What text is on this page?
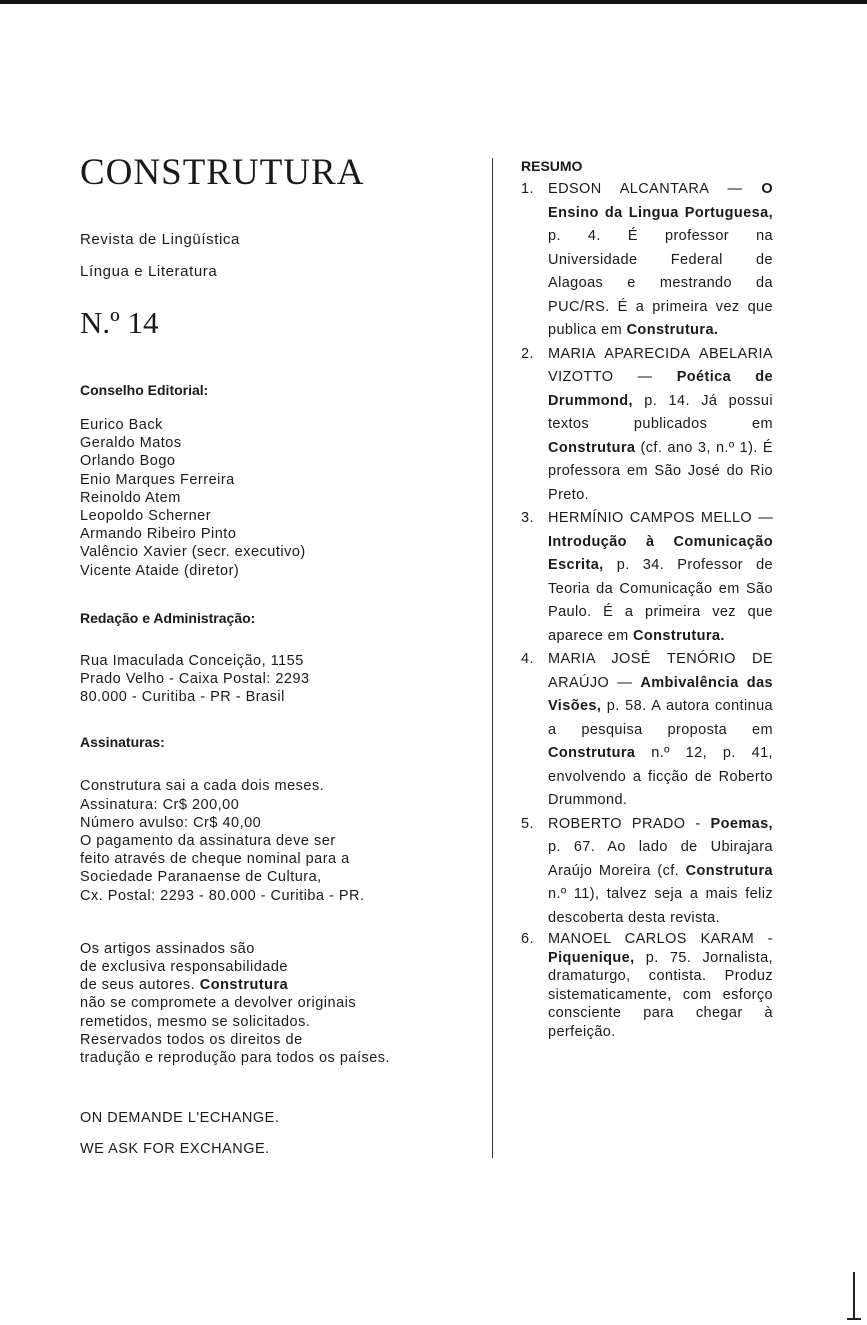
CONSTRUTURA

Revista de Lingüística

Língua e Literatura

N.º 14

Conselho Editorial:

Eurico Back
Geraldo Matos
Orlando Bogo
Enio Marques Ferreira
Reinoldo Atem
Leopoldo Scherner
Armando Ribeiro Pinto
Valêncio Xavier (secr. executivo)
Vicente Ataide (diretor)

Redação e Administração:

Rua Imaculada Conceição, 1155
Prado Velho - Caixa Postal: 2293
80.000 - Curitiba - PR - Brasil

Assinaturas:

Construtura sai a cada dois meses.
Assinatura: Cr$ 200,00
Número avulso: Cr$ 40,00
O pagamento da assinatura deve ser
feito através de cheque nominal para a
Sociedade Paranaense de Cultura,
Cx. Postal: 2293 - 80.000 - Curitiba - PR.
Os artigos assinados são
de exclusiva responsabilidade
de seus autores. Construtura
não se compromete a devolver originais
remetidos, mesmo se solicitados.
Reservados todos os direitos de
tradução e reprodução para todos os países.

ON DEMANDE L'ECHANGE.

WE ASK FOR EXCHANGE.

RESUMO

1. EDSON ALCANTARA — O Ensino da Lingua Portuguesa, p. 4. É professor na Universidade Federal de Alagoas e mestrando da PUC/RS. É a primeira vez que publica em Construtura.
2. MARIA APARECIDA ABELARIA VIZOTTO — Poética de Drummond, p. 14. Já possui textos publicados em Construtura (cf. ano 3, n.º 1). É professora em São José do Rio Preto.
3. HERMÍNIO CAMPOS MELLO — Introdução à Comunicação Escrita, p. 34. Professor de Teoria da Comunicação em São Paulo. É a primeira vez que aparece em Construtura.
4. MARIA JOSÉ TENÓRIO DE ARAÚJO — Ambivalência das Visões, p. 58. A autora continua a pesquisa proposta em Construtura n.º 12, p. 41, envolvendo a ficção de Roberto Drummond.
5. ROBERTO PRADO - Poemas, p. 67. Ao lado de Ubirajara Araújo Moreira (cf. Construtura n.º 11), talvez seja a mais feliz descoberta desta revista.
6. MANOEL CARLOS KARAM - Piquenique, p. 75. Jornalista, dramaturgo, contista. Produz sistematicamente, com esforço consciente para chegar à perfeição.
